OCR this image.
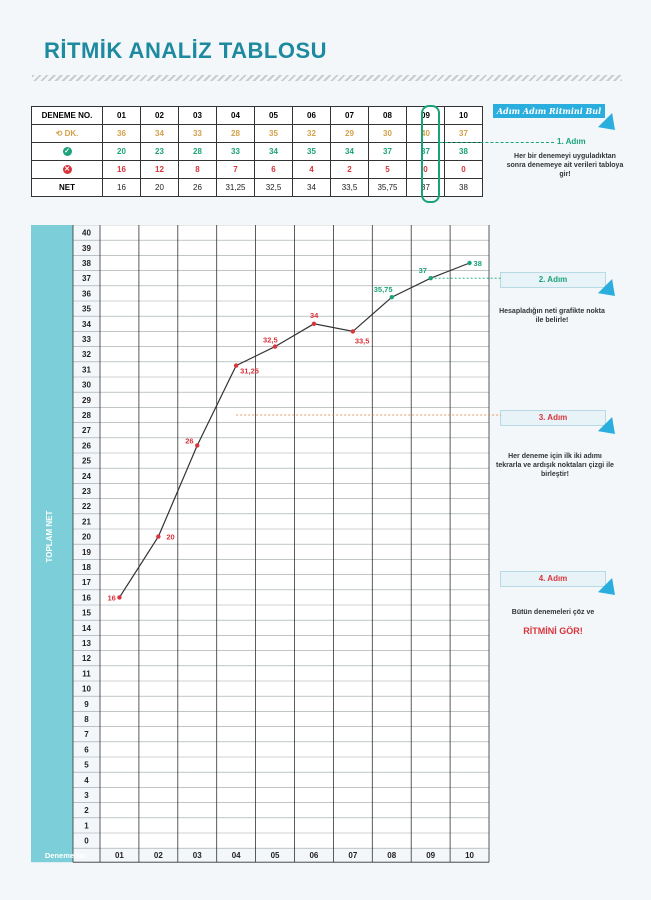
RİTMİK ANALİZ TABLOSU
DENEME NO.	01	02	03	04	05	06	07	08	09	10
⟲ DK.	36	34	33	28	35	32	29	30	40	37
✓	20	23	28	33	34	35	34	37	37	38
✕	16	12	8	7	6	4	2	5	0	0
NET	16	20	26	31,25	32,5	34	33,5	35,75	37	38
Adım Adım Ritmini Bul
1. Adım
Her bir denemeyi uyguladıktan sonra denemeye ait verileri tabloya gir!
2. Adım
Hesapladığın neti grafikte nokta ile belirle!
3. Adım
Her deneme için ilk iki adımı tekrarla ve ardışık noktaları çizgi ile birleştir!
4. Adım
Bütün denemeleri çöz ve
RİTMİNİ GÖR!
0
1
2
3
4
5
6
7
8
9
10
11
12
13
14
15
16
17
18
19
20
21
22
23
24
25
26
27
28
29
30
31
32
33
34
35
36
37
38
39
40
TOPLAM NET
Deneme No	01	02	03	04	05	06	07	08	09	10
16
20
26
31,25
32,5
34
33,5
35,75
37
38
